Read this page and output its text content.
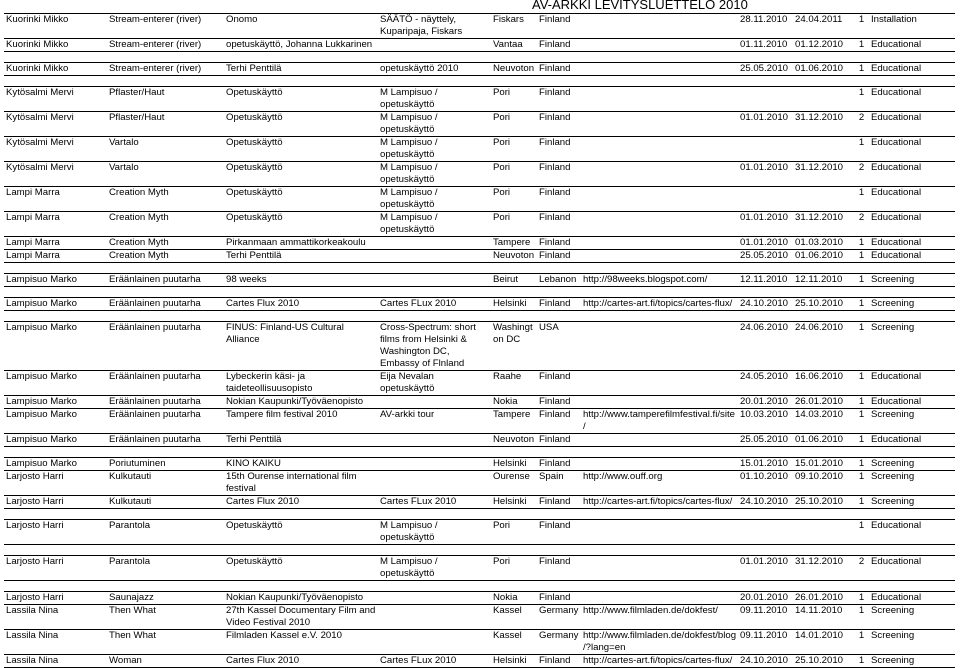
AV-ARKKI LEVITYSLUETTELO 2010
Kuorinki Mikko	Stream-enterer (river)	Onomo	SÄÄTÖ - näyttely, Kuparipaja, Fiskars	Fiskars	Finland		28.11.2010	24.04.2011	1	Installation
Kuorinki Mikko	Stream-enterer (river)	opetuskäyttö, Johanna Lukkarinen		Vantaa	Finland		01.11.2010	01.12.2010	1	Educational

Kuorinki Mikko	Stream-enterer (river)	Terhi Penttilä	opetuskäyttö 2010	Neuvoton	Finland		25.05.2010	01.06.2010	1	Educational

Kytösalmi Mervi	Pflaster/Haut	Opetuskäyttö	M Lampisuo / opetuskäyttö	Pori	Finland				1	Educational
Kytösalmi Mervi	Pflaster/Haut	Opetuskäyttö	M Lampisuo / opetuskäyttö	Pori	Finland		01.01.2010	31.12.2010	2	Educational
Kytösalmi Mervi	Vartalo	Opetuskäyttö	M Lampisuo / opetuskäyttö	Pori	Finland				1	Educational
Kytösalmi Mervi	Vartalo	Opetuskäyttö	M Lampisuo / opetuskäyttö	Pori	Finland		01.01.2010	31.12.2010	2	Educational
Lampi Marra	Creation Myth	Opetuskäyttö	M Lampisuo / opetuskäyttö	Pori	Finland				1	Educational
Lampi Marra	Creation Myth	Opetuskäyttö	M Lampisuo / opetuskäyttö	Pori	Finland		01.01.2010	31.12.2010	2	Educational
Lampi Marra	Creation Myth	Pirkanmaan ammattikorkeakoulu		Tampere	Finland		01.01.2010	01.03.2010	1	Educational
Lampi Marra	Creation Myth	Terhi Penttilä		Neuvoton	Finland		25.05.2010	01.06.2010	1	Educational

Lampisuo Marko	Eräänlainen puutarha	98 weeks		Beirut	Lebanon	http://98weeks.blogspot.com/	12.11.2010	12.11.2010	1	Screening

Lampisuo Marko	Eräänlainen puutarha	Cartes Flux 2010	Cartes FLux 2010	Helsinki	Finland	http://cartes-art.fi/topics/cartes-flux/	24.10.2010	25.10.2010	1	Screening

Lampisuo Marko	Eräänlainen puutarha	FINUS: Finland-US Cultural Alliance	Cross-Spectrum: short films from Helsinki & Washington DC, Embassy of Flnland	Washingt on DC	USA		24.06.2010	24.06.2010	1	Screening
Lampisuo Marko	Eräänlainen puutarha	Lybeckerin käsi- ja taideteollisuusopisto	Eija Nevalan opetuskäyttö	Raahe	Finland		24.05.2010	16.06.2010	1	Educational
Lampisuo Marko	Eräänlainen puutarha	Nokian Kaupunki/Työväenopisto		Nokia	Finland		20.01.2010	26.01.2010	1	Educational
Lampisuo Marko	Eräänlainen puutarha	Tampere film festival 2010	AV-arkki tour	Tampere	Finland	http://www.tamperefilmfestival.fi/site/	10.03.2010	14.03.2010	1	Screening
Lampisuo Marko	Eräänlainen puutarha	Terhi Penttilä		Neuvoton	Finland		25.05.2010	01.06.2010	1	Educational

Lampisuo Marko	Poriutuminen	KINO KAIKU		Helsinki	Finland		15.01.2010	15.01.2010	1	Screening
Larjosto Harri	Kulkutauti	15th Ourense international film festival		Ourense	Spain	http://www.ouff.org	01.10.2010	09.10.2010	1	Screening
Larjosto Harri	Kulkutauti	Cartes Flux 2010	Cartes FLux 2010	Helsinki	Finland	http://cartes-art.fi/topics/cartes-flux/	24.10.2010	25.10.2010	1	Screening

Larjosto Harri	Parantola	Opetuskäyttö	M Lampisuo / opetuskäyttö	Pori	Finland				1	Educational

Larjosto Harri	Parantola	Opetuskäyttö	M Lampisuo / opetuskäyttö	Pori	Finland		01.01.2010	31.12.2010	2	Educational

Larjosto Harri	Saunajazz	Nokian Kaupunki/Työväenopisto		Nokia	Finland		20.01.2010	26.01.2010	1	Educational
Lassila Nina	Then What	27th Kassel Documentary Film and Video Festival 2010		Kassel	Germany	http://www.filmladen.de/dokfest/	09.11.2010	14.11.2010	1	Screening
Lassila Nina	Then What	Filmladen Kassel e.V. 2010		Kassel	Germany	http://www.filmladen.de/dokfest/blog/?lang=en	09.11.2010	14.01.2010	1	Screening
Lassila Nina	Woman	Cartes Flux 2010	Cartes FLux 2010	Helsinki	Finland	http://cartes-art.fi/topics/cartes-flux/	24.10.2010	25.10.2010	1	Screening
